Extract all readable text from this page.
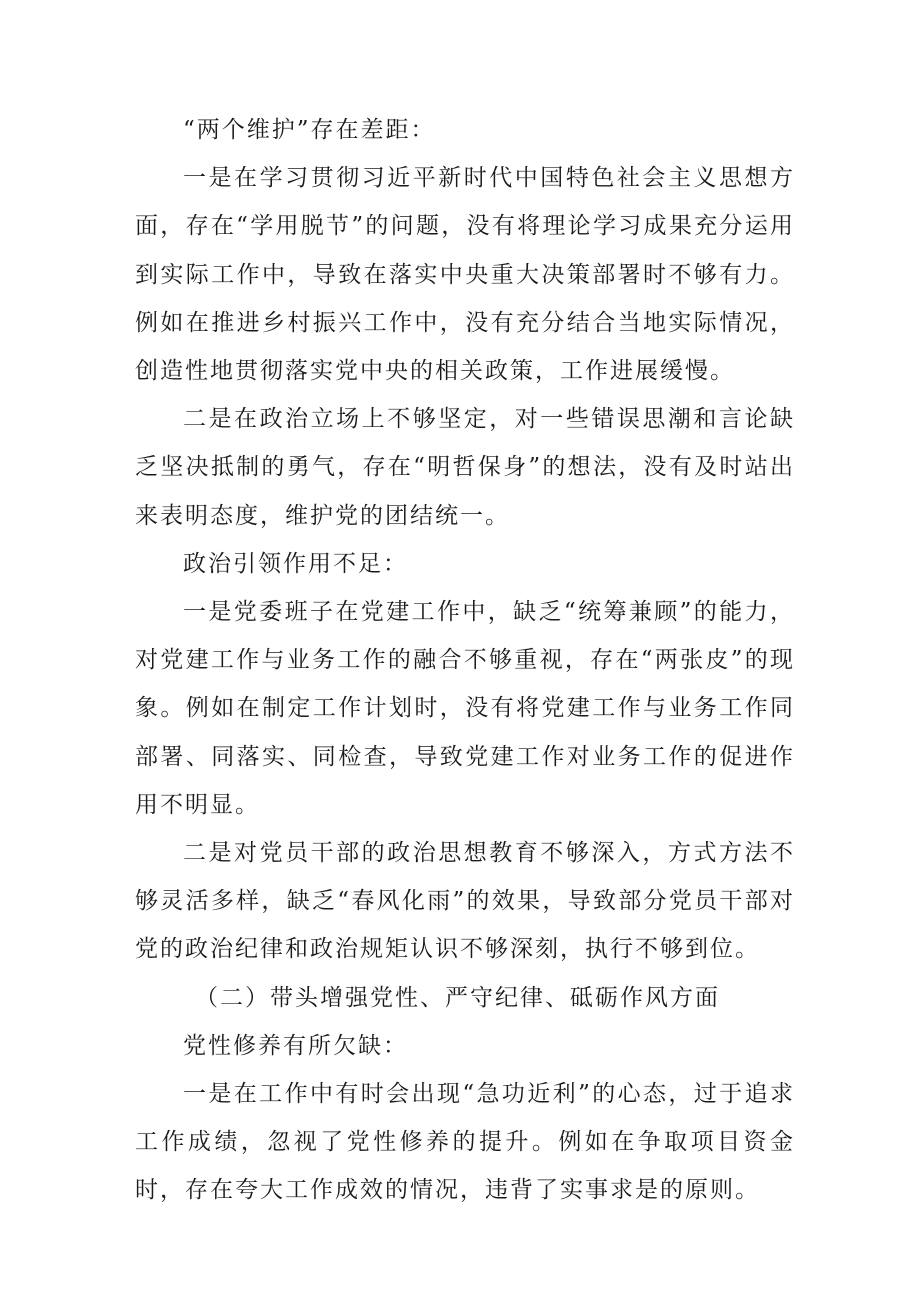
“两个维护”存在差距：

一是在学习贯彻习近平新时代中国特色社会主义思想方面，存在“学用脱节”的问题，没有将理论学习成果充分运用到实际工作中，导致在落实中央重大决策部署时不够有力。例如在推进乡村振兴工作中，没有充分结合当地实际情况，创造性地贯彻落实党中央的相关政策，工作进展缓慢。

二是在政治立场上不够坚定，对一些错误思潮和言论缺乏坚决抵制的勇气，存在“明哲保身”的想法，没有及时站出来表明态度，维护党的团结统一。

政治引领作用不足：

一是党委班子在党建工作中，缺乏“统筹兼顾”的能力，对党建工作与业务工作的融合不够重视，存在“两张皮”的现象。例如在制定工作计划时，没有将党建工作与业务工作同部署、同落实、同检查，导致党建工作对业务工作的促进作用不明显。

二是对党员干部的政治思想教育不够深入，方式方法不够灵活多样，缺乏“春风化雨”的效果，导致部分党员干部对党的政治纪律和政治规矩认识不够深刻，执行不够到位。

（二）带头增强党性、严守纪律、砥砺作风方面

党性修养有所欠缺：

一是在工作中有时会出现“急功近利”的心态，过于追求工作成绩，忽视了党性修养的提升。例如在争取项目资金时，存在夸大工作成效的情况，违背了实事求是的原则。
